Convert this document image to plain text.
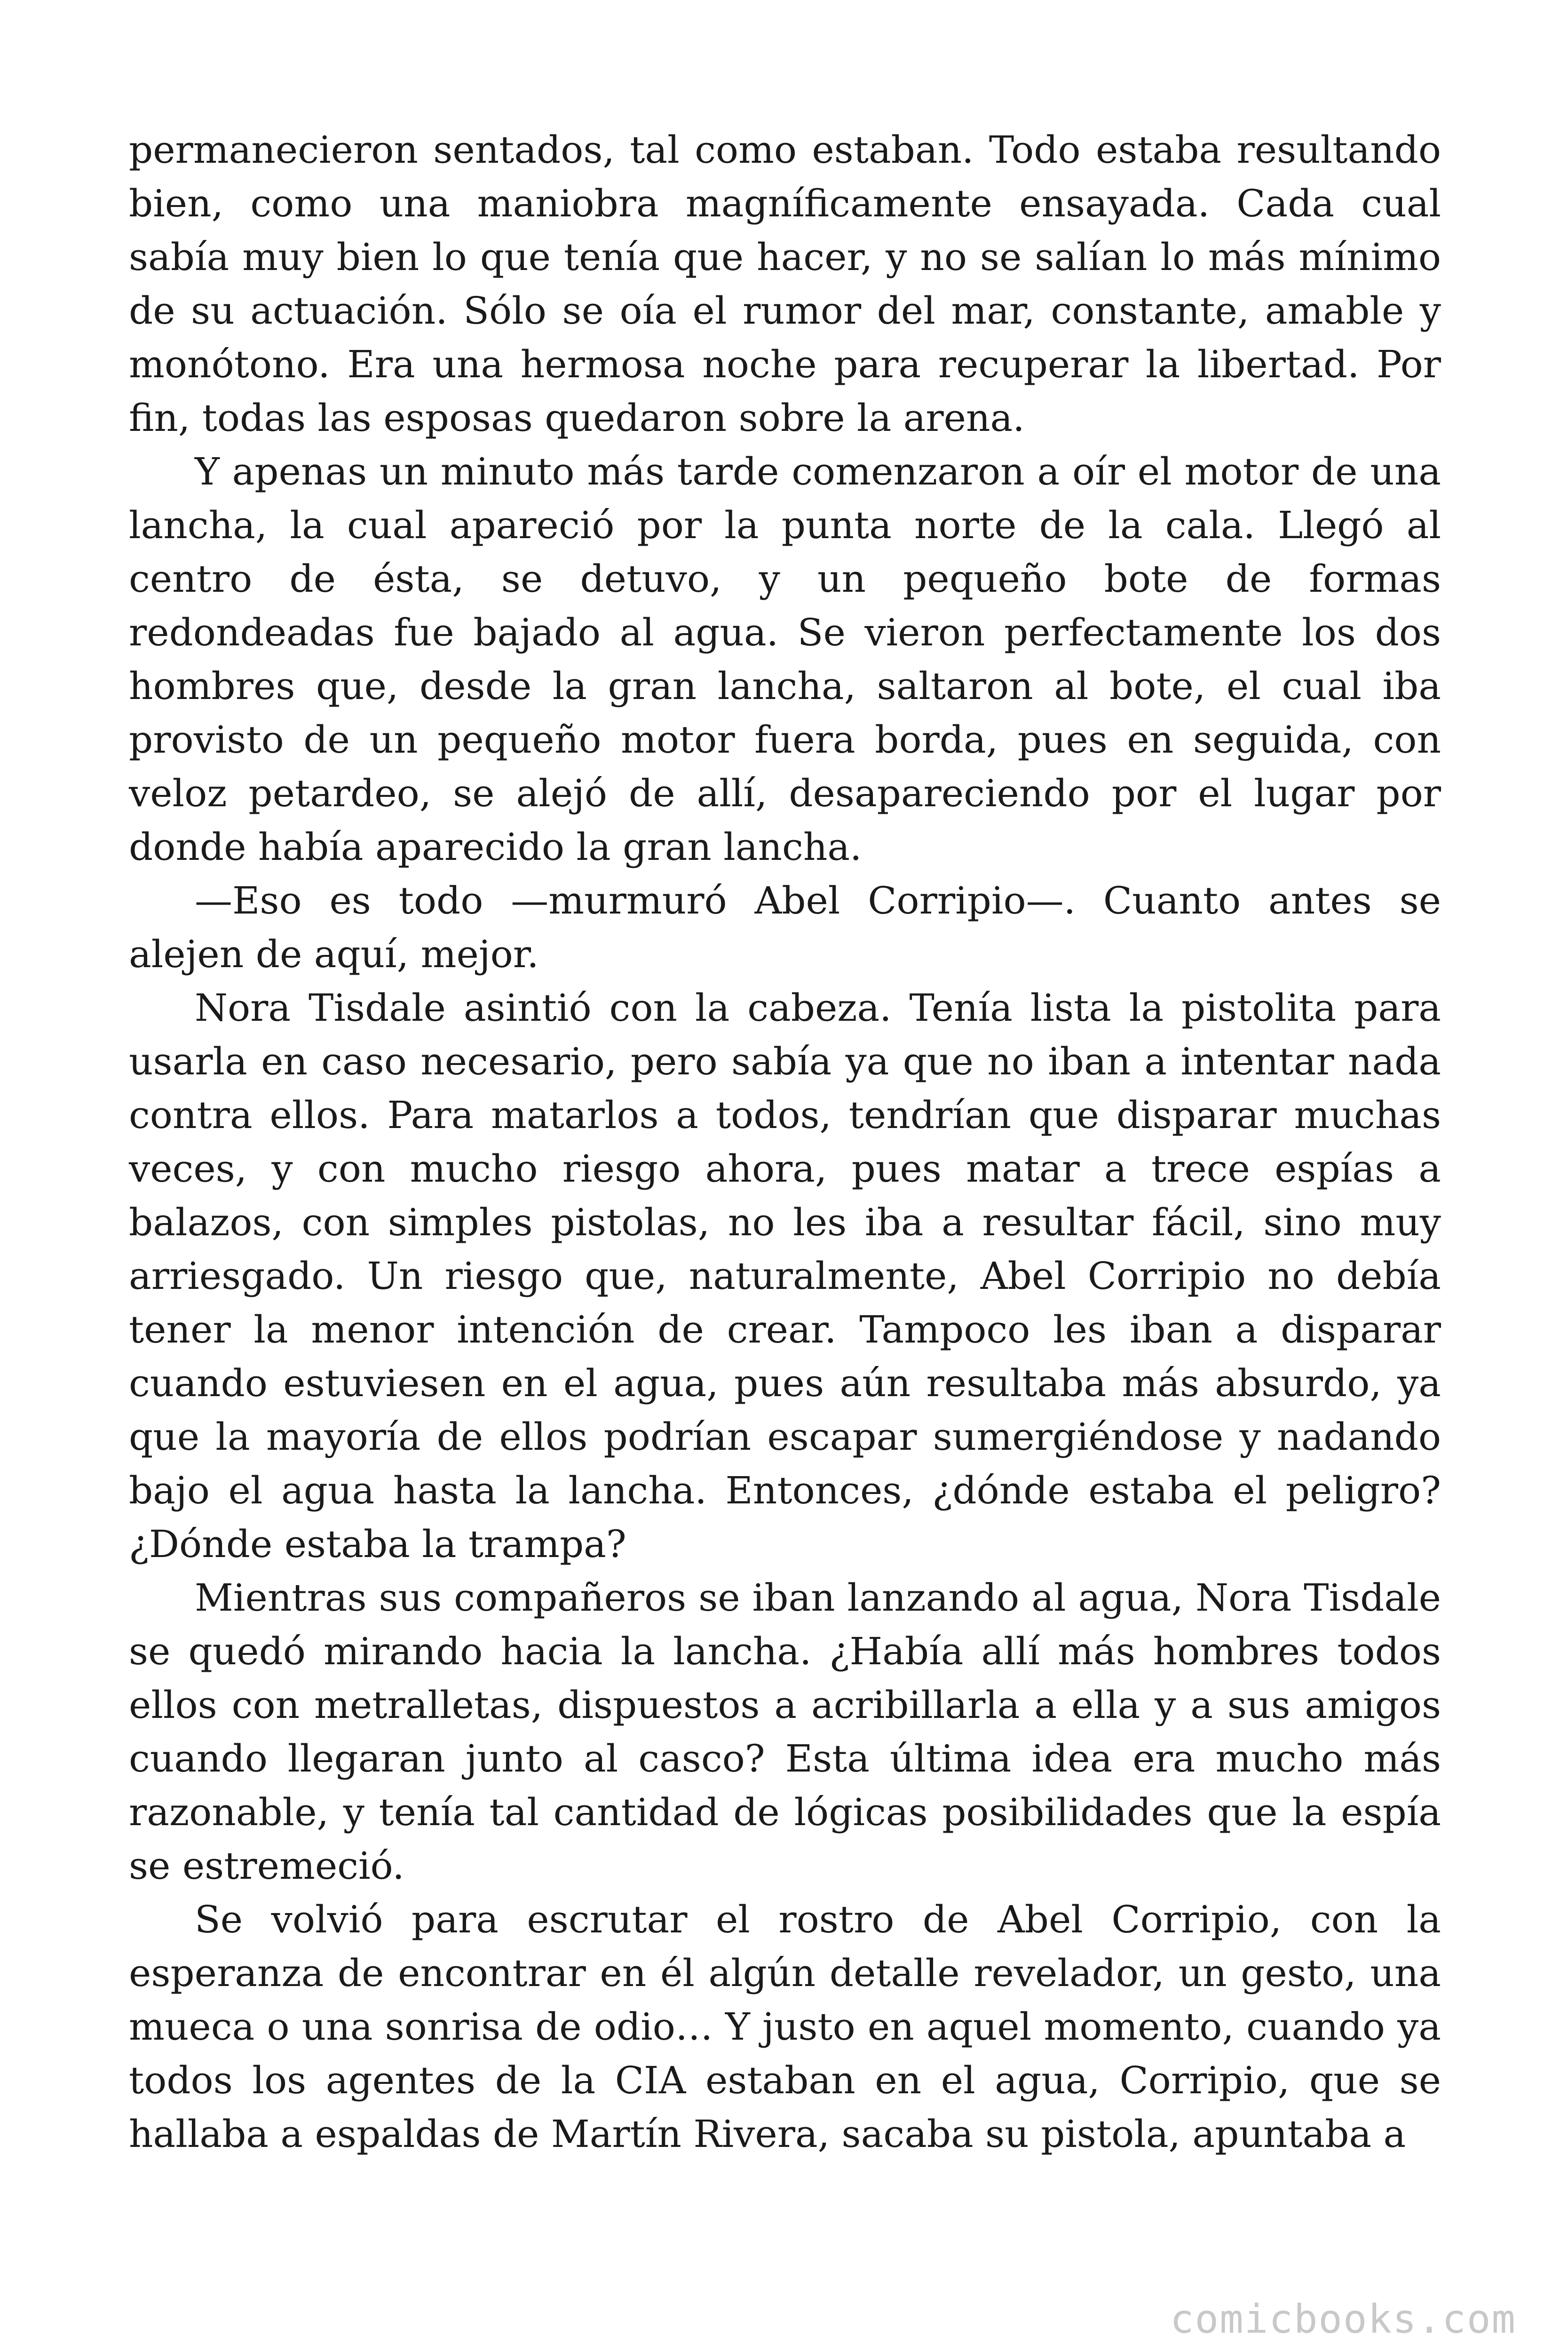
permanecieron sentados, tal como estaban. Todo estaba resultando bien, como una maniobra magníficamente ensayada. Cada cual sabía muy bien lo que tenía que hacer, y no se salían lo más mínimo de su actuación. Sólo se oía el rumor del mar, constante, amable y monótono. Era una hermosa noche para recuperar la libertad. Por fin, todas las esposas quedaron sobre la arena.

Y apenas un minuto más tarde comenzaron a oír el motor de una lancha, la cual apareció por la punta norte de la cala. Llegó al centro de ésta, se detuvo, y un pequeño bote de formas redondeadas fue bajado al agua. Se vieron perfectamente los dos hombres que, desde la gran lancha, saltaron al bote, el cual iba provisto de un pequeño motor fuera borda, pues en seguida, con veloz petardeo, se alejó de allí, desapareciendo por el lugar por donde había aparecido la gran lancha.

—Eso es todo —murmuró Abel Corripio—. Cuanto antes se alejen de aquí, mejor.

Nora Tisdale asintió con la cabeza. Tenía lista la pistolita para usarla en caso necesario, pero sabía ya que no iban a intentar nada contra ellos. Para matarlos a todos, tendrían que disparar muchas veces, y con mucho riesgo ahora, pues matar a trece espías a balazos, con simples pistolas, no les iba a resultar fácil, sino muy arriesgado. Un riesgo que, naturalmente, Abel Corripio no debía tener la menor intención de crear. Tampoco les iban a disparar cuando estuviesen en el agua, pues aún resultaba más absurdo, ya que la mayoría de ellos podrían escapar sumergiéndose y nadando bajo el agua hasta la lancha. Entonces, ¿dónde estaba el peligro? ¿Dónde estaba la trampa?

Mientras sus compañeros se iban lanzando al agua, Nora Tisdale se quedó mirando hacia la lancha. ¿Había allí más hombres todos ellos con metralletas, dispuestos a acribillarla a ella y a sus amigos cuando llegaran junto al casco? Esta última idea era mucho más razonable, y tenía tal cantidad de lógicas posibilidades que la espía se estremeció.

Se volvió para escrutar el rostro de Abel Corripio, con la esperanza de encontrar en él algún detalle revelador, un gesto, una mueca o una sonrisa de odio… Y justo en aquel momento, cuando ya todos los agentes de la CIA estaban en el agua, Corripio, que se hallaba a espaldas de Martín Rivera, sacaba su pistola, apuntaba a

comicbooks.com
